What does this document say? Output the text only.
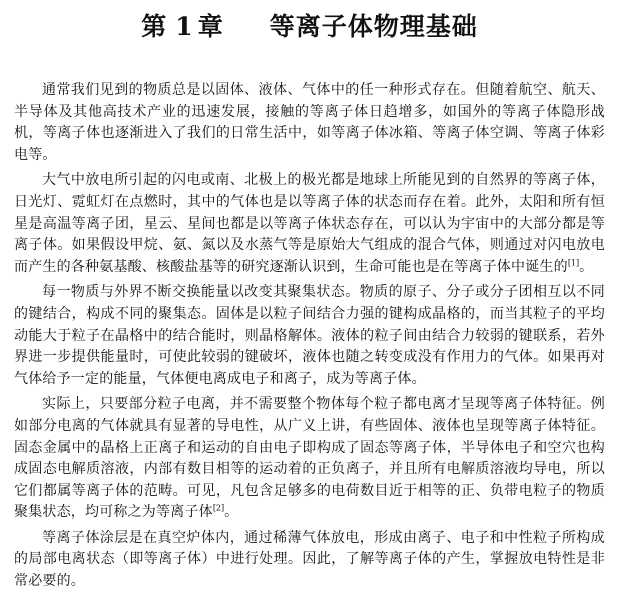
第 1 章 等离子体物理基础

通常我们见到的物质总是以固体、液体、气体中的任一种形式存在。但随着航空、航天、半导体及其他高技术产业的迅速发展，接触的等离子体日趋增多，如国外的等离子体隐形战机，等离子体也逐渐进入了我们的日常生活中，如等离子体冰箱、等离子体空调、等离子体彩电等。

大气中放电所引起的闪电或南、北极上的极光都是地球上所能见到的自然界的等离子体，日光灯、霓虹灯在点燃时，其中的气体也是以等离子体的状态而存在着。此外，太阳和所有恒星是高温等离子团，星云、星间也都是以等离子体状态存在，可以认为宇宙中的大部分都是等离子体。如果假设甲烷、氨、氮以及水蒸气等是原始大气组成的混合气体，则通过对闪电放电而产生的各种氨基酸、核酸盐基等的研究逐渐认识到，生命可能也是在等离子体中诞生的[1]。

每一物质与外界不断交换能量以改变其聚集状态。物质的原子、分子或分子团相互以不同的键结合，构成不同的聚集态。固体是以粒子间结合力强的键构成晶格的，而当其粒子的平均动能大于粒子在晶格中的结合能时，则晶格解体。液体的粒子间由结合力较弱的键联系，若外界进一步提供能量时，可使此较弱的键破坏，液体也随之转变成没有作用力的气体。如果再对气体给予一定的能量，气体便电离成电子和离子，成为等离子体。

实际上，只要部分粒子电离，并不需要整个物体每个粒子都电离才呈现等离子体特征。例如部分电离的气体就具有显著的导电性，从广义上讲，有些固体、液体也呈现等离子体特征。固态金属中的晶格上正离子和运动的自由电子即构成了固态等离子体，半导体电子和空穴也构成固态电解质溶液，内部有数目相等的运动着的正负离子，并且所有电解质溶液均导电，所以它们都属等离子体的范畴。可见，凡包含足够多的电荷数目近于相等的正、负带电粒子的物质聚集状态，均可称之为等离子体[2]。

等离子体涂层是在真空炉体内，通过稀薄气体放电，形成由离子、电子和中性粒子所构成的局部电离状态（即等离子体）中进行处理。因此，了解等离子体的产生，掌握放电特性是非常必要的。
